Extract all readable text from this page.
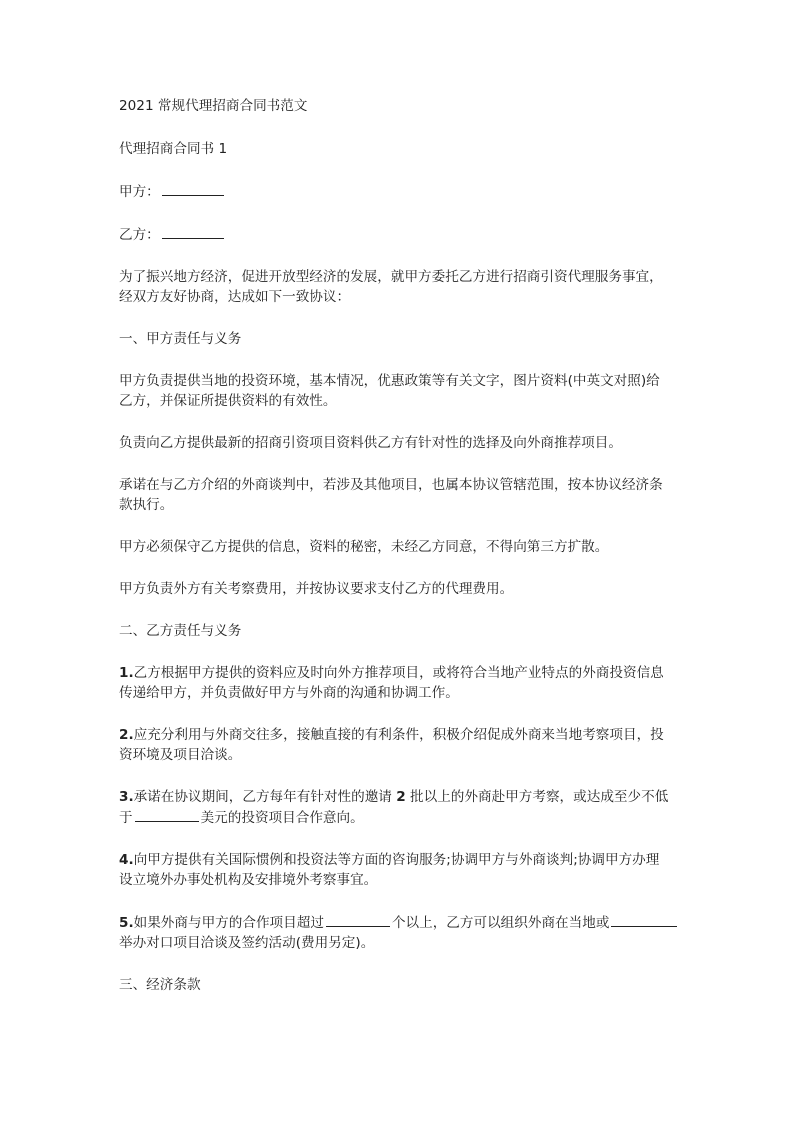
2021 常规代理招商合同书范文

代理招商合同书 1

甲方：

乙方：

为了振兴地方经济，促进开放型经济的发展，就甲方委托乙方进行招商引资代理服务事宜，

经双方友好协商，达成如下一致协议：

一、甲方责任与义务

甲方负责提供当地的投资环境，基本情况，优惠政策等有关文字，图片资料(中英文对照)给

乙方，并保证所提供资料的有效性。

负责向乙方提供最新的招商引资项目资料供乙方有针对性的选择及向外商推荐项目。

承诺在与乙方介绍的外商谈判中，若涉及其他项目，也属本协议管辖范围，按本协议经济条

款执行。

甲方必须保守乙方提供的信息，资料的秘密，未经乙方同意，不得向第三方扩散。

甲方负责外方有关考察费用，并按协议要求支付乙方的代理费用。

二、乙方责任与义务

1.乙方根据甲方提供的资料应及时向外方推荐项目，或将符合当地产业特点的外商投资信息

传递给甲方，并负责做好甲方与外商的沟通和协调工作。

2.应充分利用与外商交往多，接触直接的有利条件，积极介绍促成外商来当地考察项目，投

资环境及项目洽谈。

3.承诺在协议期间，乙方每年有针对性的邀请 2 批以上的外商赴甲方考察，或达成至少不低

于	美元的投资项目合作意向。

4.向甲方提供有关国际惯例和投资法等方面的咨询服务;协调甲方与外商谈判;协调甲方办理

设立境外办事处机构及安排境外考察事宜。

5.如果外商与甲方的合作项目超过	个以上，乙方可以组织外商在当地或

举办对口项目洽谈及签约活动(费用另定)。

三、经济条款
